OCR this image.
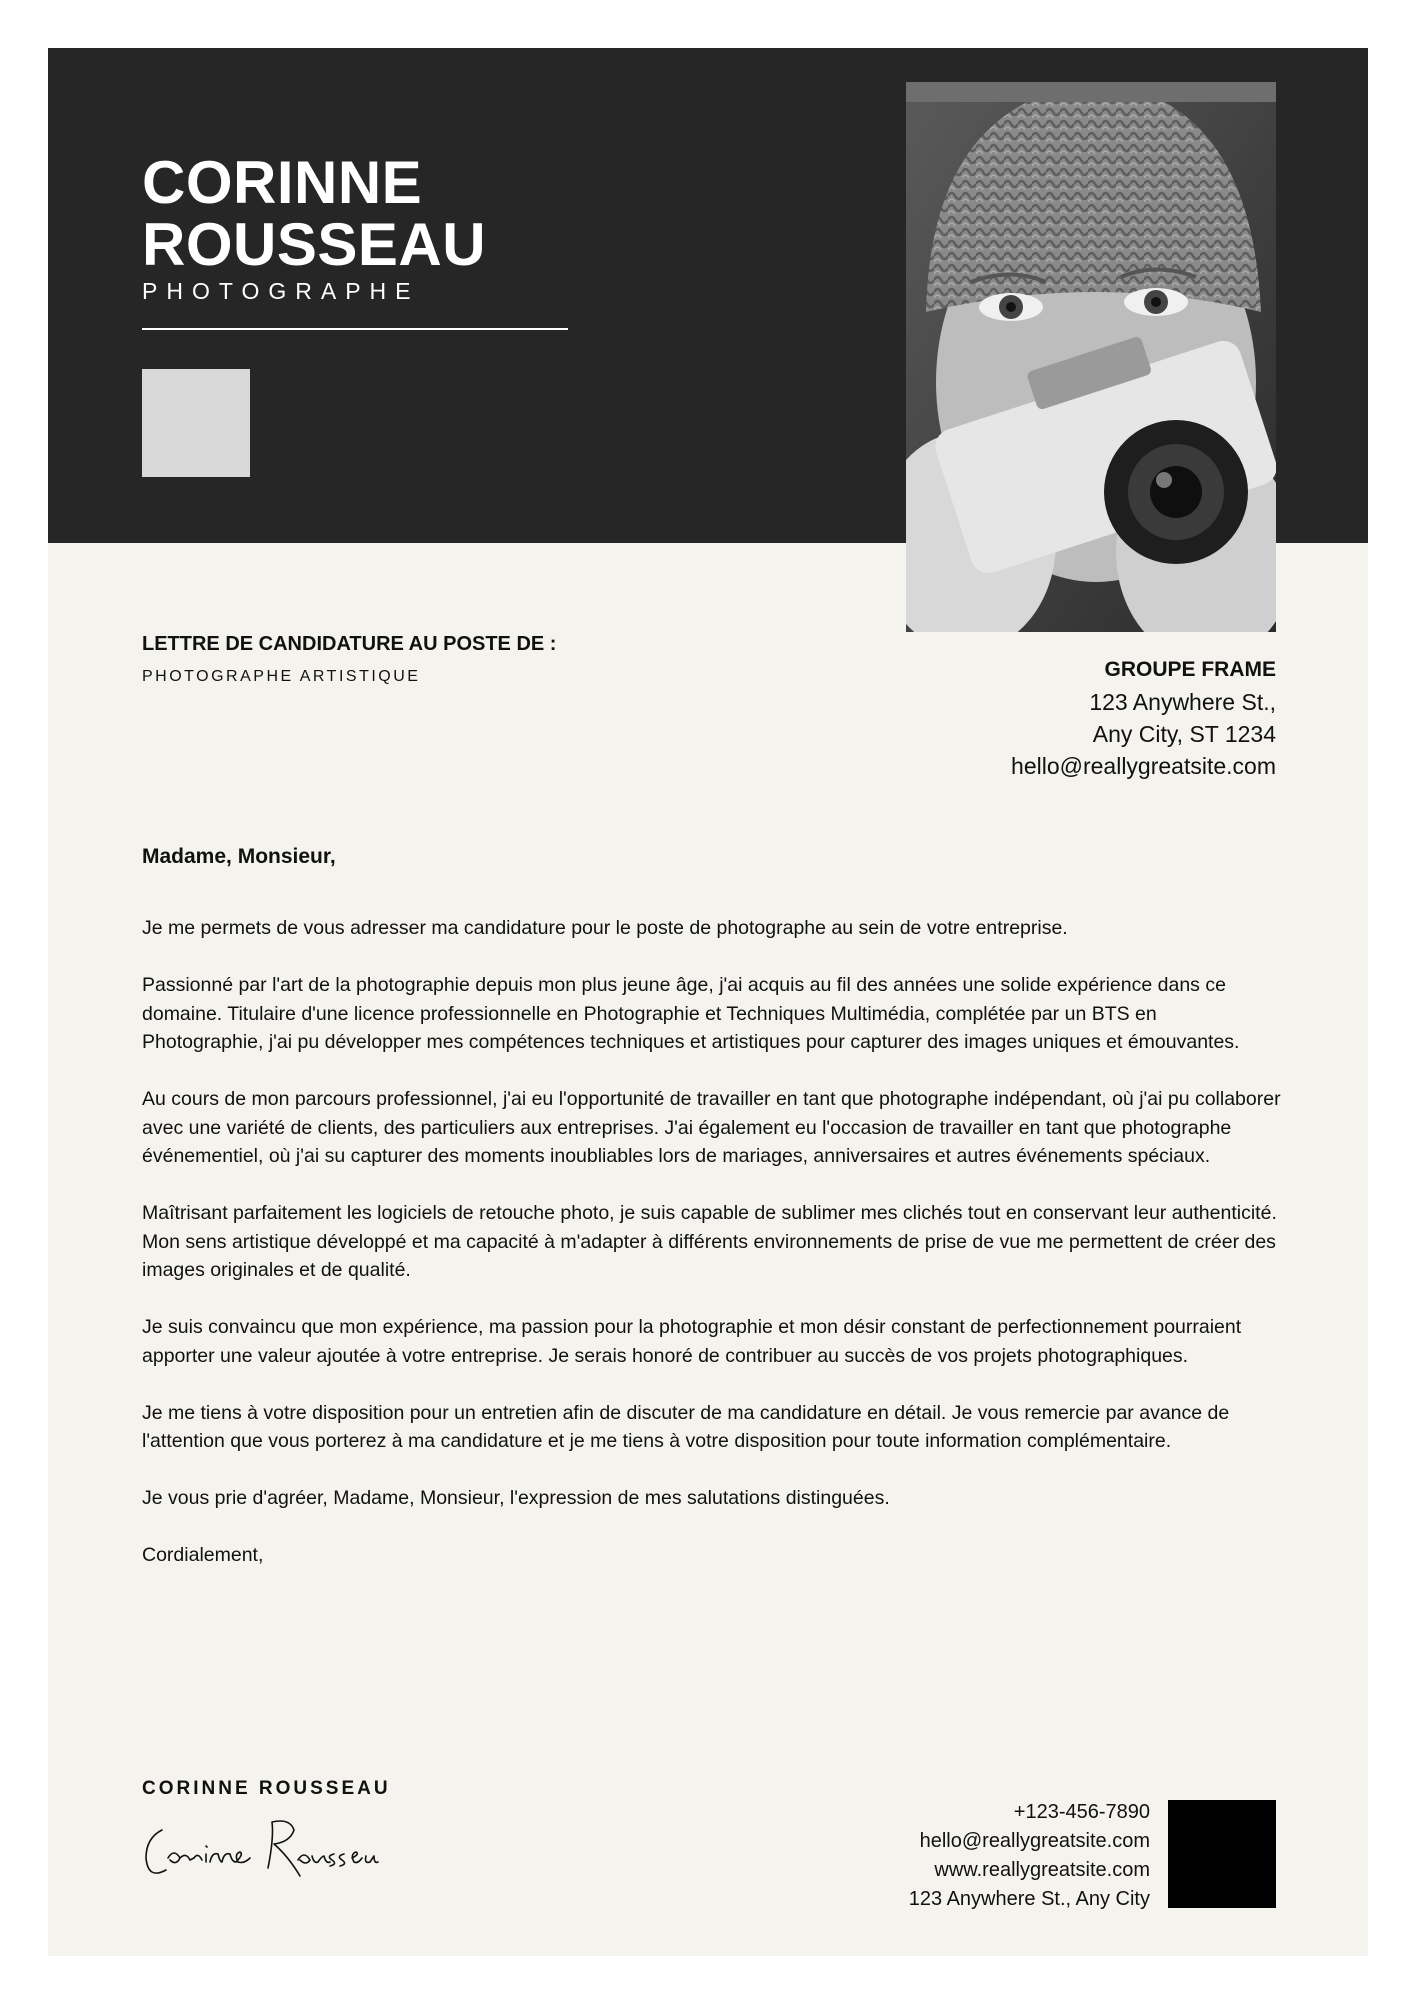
CORINNE
ROUSSEAU
PHOTOGRAPHE
LETTRE DE CANDIDATURE AU POSTE DE :
PHOTOGRAPHE ARTISTIQUE	GROUPE FRAME
123 Anywhere St.,
Any City, ST 1234
hello@reallygreatsite.com
Madame, Monsieur,

Je me permets de vous adresser ma candidature pour le poste de photographe au sein de votre entreprise.

Passionné par l'art de la photographie depuis mon plus jeune âge, j'ai acquis au fil des années une solide expérience dans ce domaine. Titulaire d'une licence professionnelle en Photographie et Techniques Multimédia, complétée par un BTS en Photographie, j'ai pu développer mes compétences techniques et artistiques pour capturer des images uniques et émouvantes.

Au cours de mon parcours professionnel, j'ai eu l'opportunité de travailler en tant que photographe indépendant, où j'ai pu collaborer avec une variété de clients, des particuliers aux entreprises. J'ai également eu l'occasion de travailler en tant que photographe événementiel, où j'ai su capturer des moments inoubliables lors de mariages, anniversaires et autres événements spéciaux.

Maîtrisant parfaitement les logiciels de retouche photo, je suis capable de sublimer mes clichés tout en conservant leur authenticité. Mon sens artistique développé et ma capacité à m'adapter à différents environnements de prise de vue me permettent de créer des images originales et de qualité.

Je suis convaincu que mon expérience, ma passion pour la photographie et mon désir constant de perfectionnement pourraient apporter une valeur ajoutée à votre entreprise. Je serais honoré de contribuer au succès de vos projets photographiques.

Je me tiens à votre disposition pour un entretien afin de discuter de ma candidature en détail. Je vous remercie par avance de l'attention que vous porterez à ma candidature et je me tiens à votre disposition pour toute information complémentaire.

Je vous prie d'agréer, Madame, Monsieur, l'expression de mes salutations distinguées.

Cordialement,

CORINNE ROUSSEAU
+123-456-7890
hello@reallygreatsite.com
www.reallygreatsite.com
123 Anywhere St., Any City
